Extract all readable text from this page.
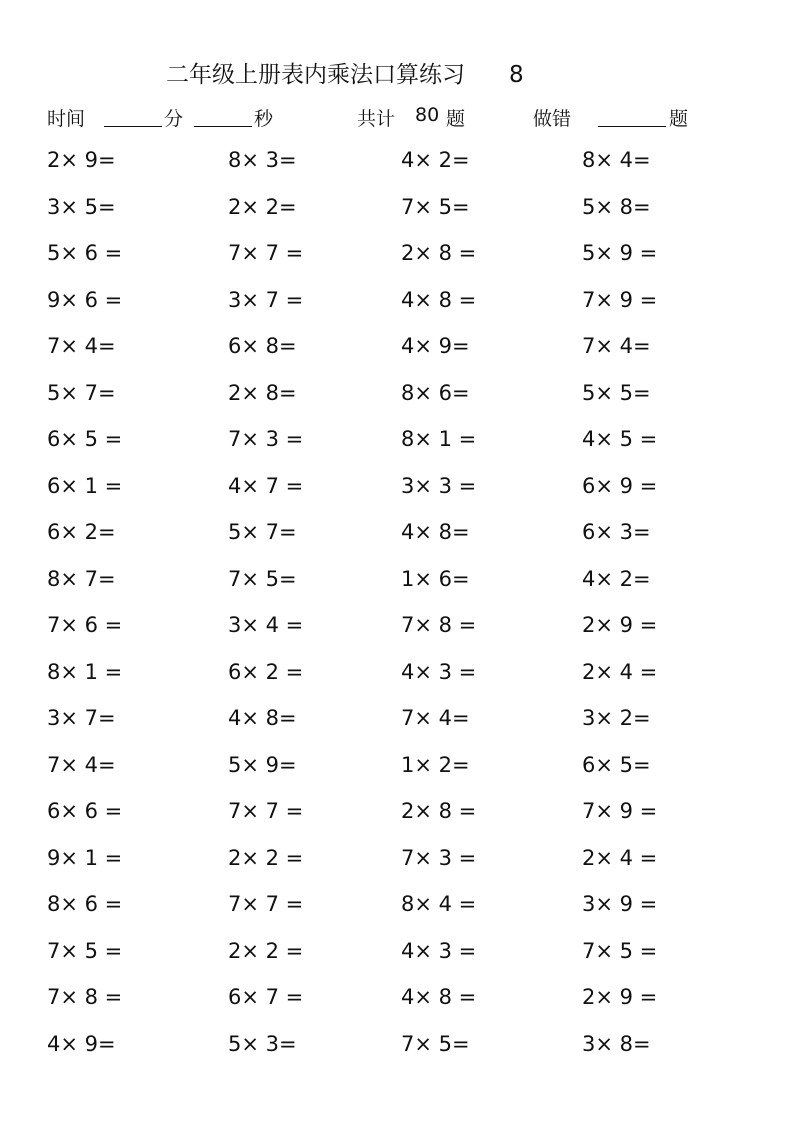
二年级上册表内乘法口算练习 8
时间	分	秒	共计 80 题	做错	题
2× 9=	8× 3=	4× 2=	8× 4=
3× 5=	2× 2=	7× 5=	5× 8=
5× 6 =	7× 7 =	2× 8 =	5× 9 =
9× 6 =	3× 7 =	4× 8 =	7× 9 =
7× 4=	6× 8=	4× 9=	7× 4=
5× 7=	2× 8=	8× 6=	5× 5=
6× 5 =	7× 3 =	8× 1 =	4× 5 =
6× 1 =	4× 7 =	3× 3 =	6× 9 =
6× 2=	5× 7=	4× 8=	6× 3=
8× 7=	7× 5=	1× 6=	4× 2=
7× 6 =	3× 4 =	7× 8 =	2× 9 =
8× 1 =	6× 2 =	4× 3 =	2× 4 =
3× 7=	4× 8=	7× 4=	3× 2=
7× 4=	5× 9=	1× 2=	6× 5=
6× 6 =	7× 7 =	2× 8 =	7× 9 =
9× 1 =	2× 2 =	7× 3 =	2× 4 =
8× 6 =	7× 7 =	8× 4 =	3× 9 =
7× 5 =	2× 2 =	4× 3 =	7× 5 =
7× 8 =	6× 7 =	4× 8 =	2× 9 =
4× 9=	5× 3=	7× 5=	3× 8=
